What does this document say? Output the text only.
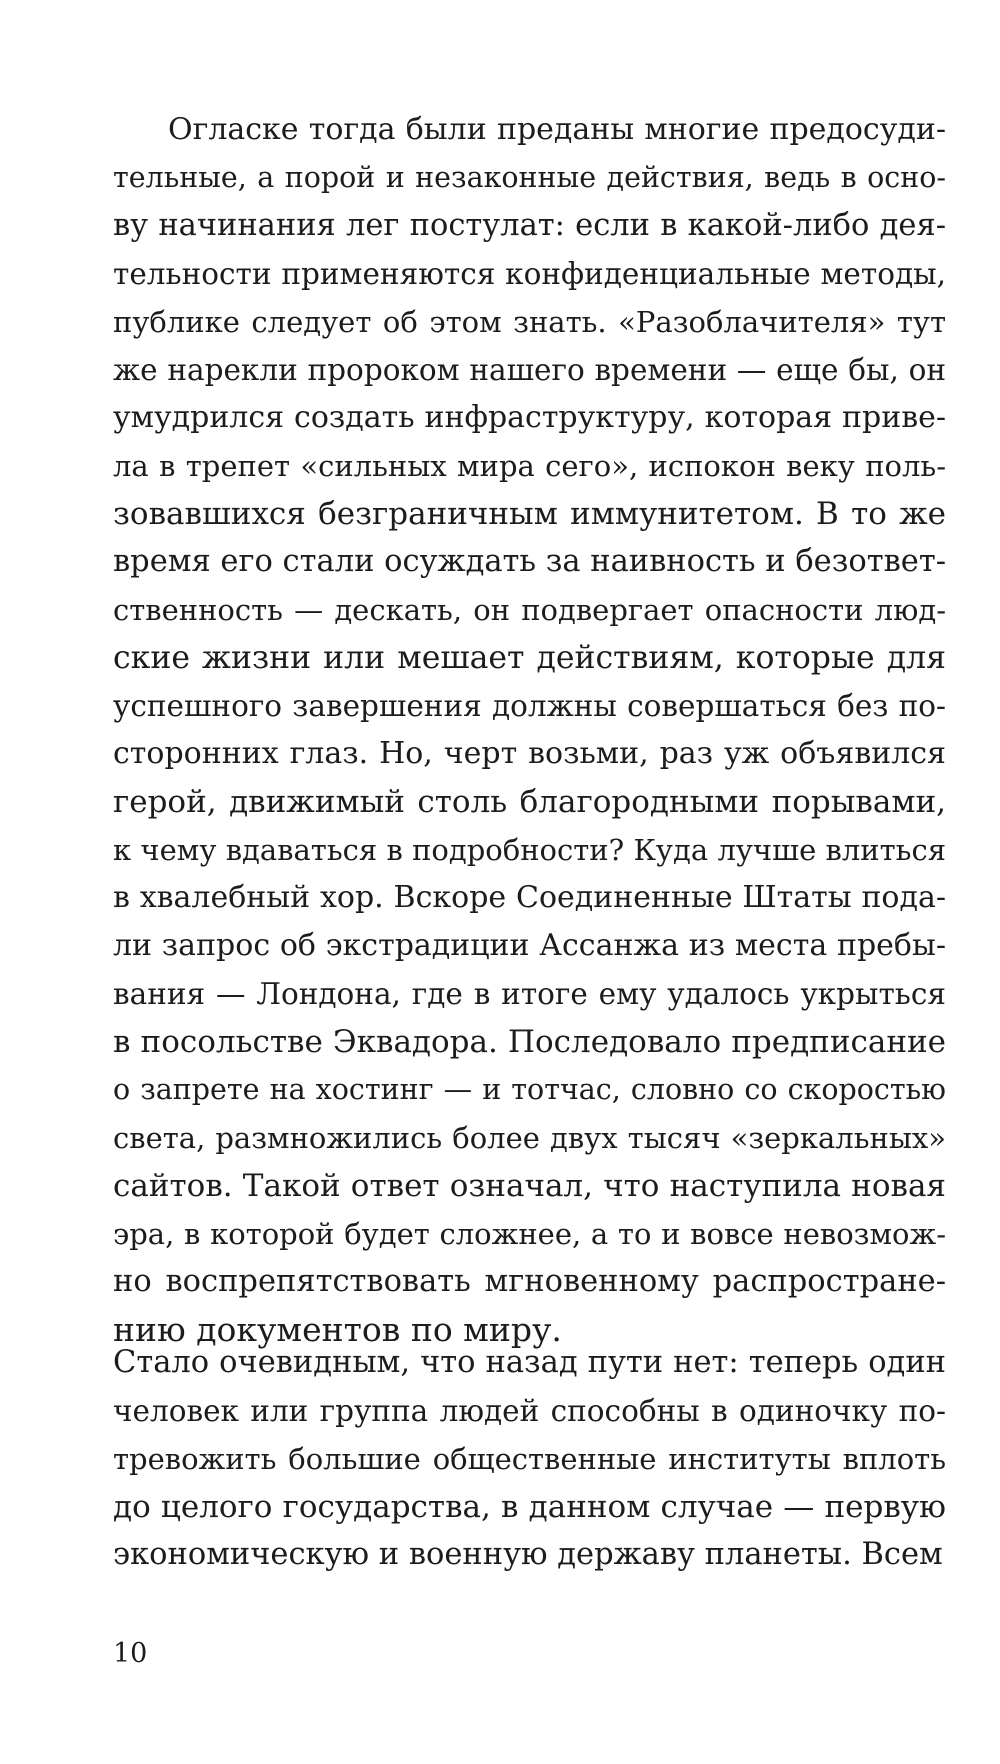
Огласке тогда были преданы многие предосуди-
тельные, а порой и незаконные действия, ведь в осно-
ву начинания лег постулат: если в какой-либо дея-
тельности применяются конфиденциальные методы,
публике следует об этом знать. «Разоблачителя» тут
же нарекли пророком нашего времени — еще бы, он
умудрился создать инфраструктуру, которая приве-
ла в трепет «сильных мира сего», испокон веку поль-
зовавшихся безграничным иммунитетом. В то же
время его стали осуждать за наивность и безответ-
ственность — дескать, он подвергает опасности люд-
ские жизни или мешает действиям, которые для
успешного завершения должны совершаться без по-
сторонних глаз. Но, черт возьми, раз уж объявился
герой, движимый столь благородными порывами,
к чему вдаваться в подробности? Куда лучше влиться
в хвалебный хор. Вскоре Соединенные Штаты пода-
ли запрос об экстрадиции Ассанжа из места пребы-
вания — Лондона, где в итоге ему удалось укрыться
в посольстве Эквадора. Последовало предписание
о запрете на хостинг — и тотчас, словно со скоростью
света, размножились более двух тысяч «зеркальных»
сайтов. Такой ответ означал, что наступила новая
эра, в которой будет сложнее, а то и вовсе невозмож-
но воспрепятствовать мгновенному распростране-
нию документов по миру.
Стало очевидным, что назад пути нет: теперь один
человек или группа людей способны в одиночку по-
тревожить большие общественные институты вплоть
до целого государства, в данном случае — первую
экономическую и военную державу планеты. Всем
10
